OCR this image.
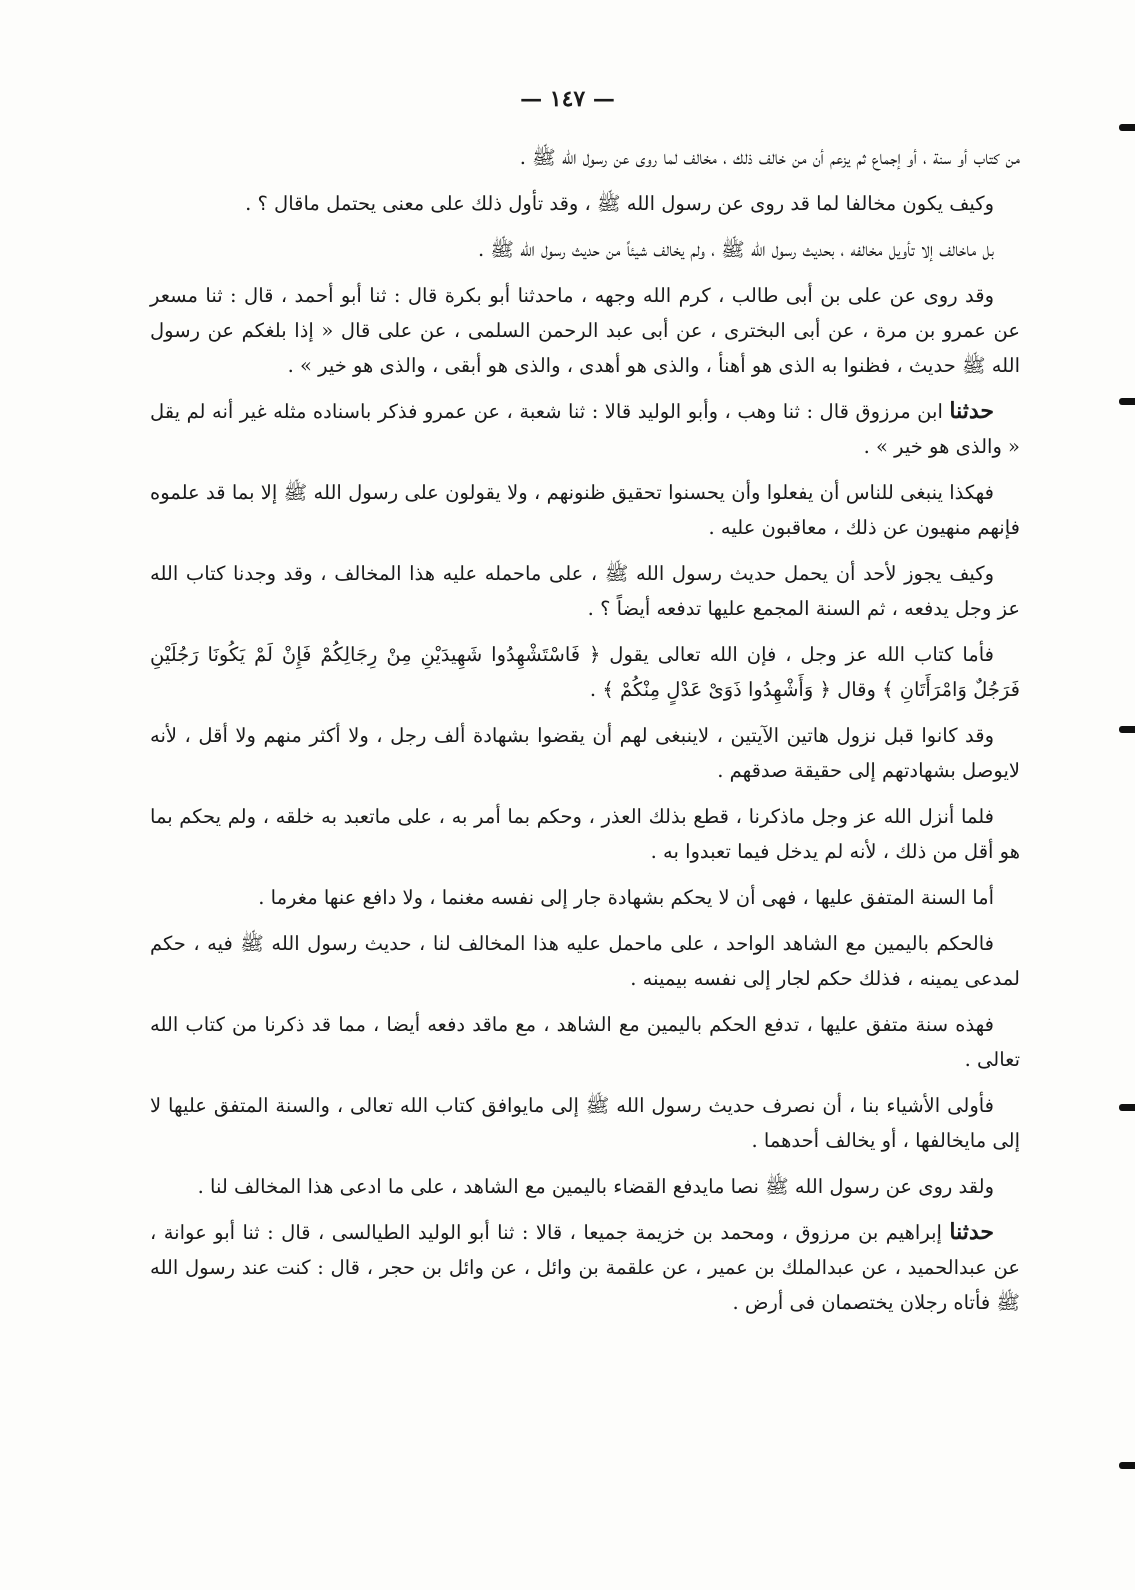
— ١٤٧ —

من كتاب أو سنة ، أو إجماع ثم يزعم أن من خالف ذلك ، مخالف لما روى عن رسول الله ﷺ .

وكيف يكون مخالفا لما قد روى عن رسول الله ﷺ ، وقد تأول ذلك على معنى يحتمل ماقال ؟ .

بل ماخالف إلا تأويل مخالفه ، بحديث رسول الله ﷺ ، ولم يخالف شيئاً من حديث رسول الله ﷺ .

وقد روى عن على بن أبى طالب ، كرم الله وجهه ، ماحدثنا أبو بكرة قال : ثنا أبو أحمد ، قال : ثنا مسعر عن عمرو بن مرة ، عن أبى البخترى ، عن أبى عبد الرحمن السلمى ، عن على قال « إذا بلغكم عن رسول الله ﷺ حديث ، فظنوا به الذى هو أهنأ ، والذى هو أهدى ، والذى هو أبقى ، والذى هو خير » .

حدثنا ابن مرزوق قال : ثنا وهب ، وأبو الوليد قالا : ثنا شعبة ، عن عمرو فذكر باسناده مثله غير أنه لم يقل « والذى هو خير » .

فهكذا ينبغى للناس أن يفعلوا وأن يحسنوا تحقيق ظنونهم ، ولا يقولون على رسول الله ﷺ إلا بما قد علموه فإنهم منهيون عن ذلك ، معاقبون عليه .

وكيف يجوز لأحد أن يحمل حديث رسول الله ﷺ ، على ماحمله عليه هذا المخالف ، وقد وجدنا كتاب الله عز وجل يدفعه ، ثم السنة المجمع عليها تدفعه أيضاً ؟ .

فأما كتاب الله عز وجل ، فإن الله تعالى يقول ﴿ فَاسْتَشْهِدُوا شَهِيدَيْنِ مِنْ رِجَالِكُمْ فَإِنْ لَمْ يَكُونَا رَجُلَيْنِ فَرَجُلٌ وَامْرَأَتَانِ ﴾ وقال ﴿ وَأَشْهِدُوا ذَوَىْ عَدْلٍ مِنْكُمْ ﴾ .

وقد كانوا قبل نزول هاتين الآيتين ، لاينبغى لهم أن يقضوا بشهادة ألف رجل ، ولا أكثر منهم ولا أقل ، لأنه لايوصل بشهادتهم إلى حقيقة صدقهم .

فلما أنزل الله عز وجل ماذكرنا ، قطع بذلك العذر ، وحكم بما أمر به ، على ماتعبد به خلقه ، ولم يحكم بما هو أقل من ذلك ، لأنه لم يدخل فيما تعبدوا به .

أما السنة المتفق عليها ، فهى أن لا يحكم بشهادة جار إلى نفسه مغنما ، ولا دافع عنها مغرما .

فالحكم باليمين مع الشاهد الواحد ، على ماحمل عليه هذا المخالف لنا ، حديث رسول الله ﷺ فيه ، حكم لمدعى يمينه ، فذلك حكم لجار إلى نفسه بيمينه .

فهذه سنة متفق عليها ، تدفع الحكم باليمين مع الشاهد ، مع ماقد دفعه أيضا ، مما قد ذكرنا من كتاب الله تعالى .

فأولى الأشياء بنا ، أن نصرف حديث رسول الله ﷺ إلى مايوافق كتاب الله تعالى ، والسنة المتفق عليها لا إلى مايخالفها ، أو يخالف أحدهما .

ولقد روى عن رسول الله ﷺ نصا مايدفع القضاء باليمين مع الشاهد ، على ما ادعى هذا المخالف لنا .

حدثنا إبراهيم بن مرزوق ، ومحمد بن خزيمة جميعا ، قالا : ثنا أبو الوليد الطيالسى ، قال : ثنا أبو عوانة ، عن عبدالحميد ، عن عبدالملك بن عمير ، عن علقمة بن وائل ، عن وائل بن حجر ، قال : كنت عند رسول الله ﷺ فأتاه رجلان يختصمان فى أرض .
